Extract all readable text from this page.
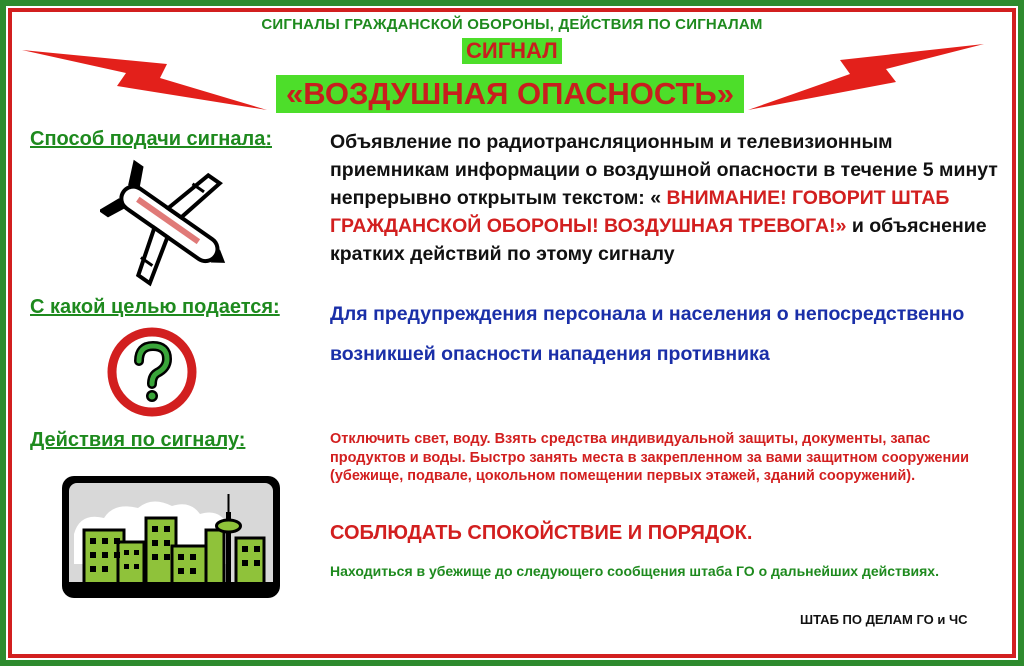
СИГНАЛЫ ГРАЖДАНСКОЙ ОБОРОНЫ, ДЕЙСТВИЯ ПО СИГНАЛАМ
СИГНАЛ
«ВОЗДУШНАЯ ОПАСНОСТЬ»
Способ подачи сигнала:	Объявление по радиотрансляционным и телевизионным приемникам информации о воздушной опасности в течение 5 минут непрерывно открытым текстом: « ВНИМАНИЕ! ГОВОРИТ ШТАБ ГРАЖДАНСКОЙ ОБОРОНЫ! ВОЗДУШНАЯ ТРЕВОГА!» и объяснение кратких действий по этому сигналу
С какой целью подается:	Для предупреждения персонала и населения о непосредственно возникшей опасности нападения противника
Действия по сигналу:	Отключить свет, воду. Взять средства индивидуальной защиты, документы, запас продуктов и воды. Быстро занять места в закрепленном за вами защитном сооружении (убежище, подвале, цокольном помещении первых этажей, зданий сооружений).
СОБЛЮДАТЬ СПОКОЙСТВИЕ И ПОРЯДОК.
Находиться в убежище до следующего сообщения штаба ГО о дальнейших действиях.
ШТАБ ПО ДЕЛАМ ГО и ЧС
